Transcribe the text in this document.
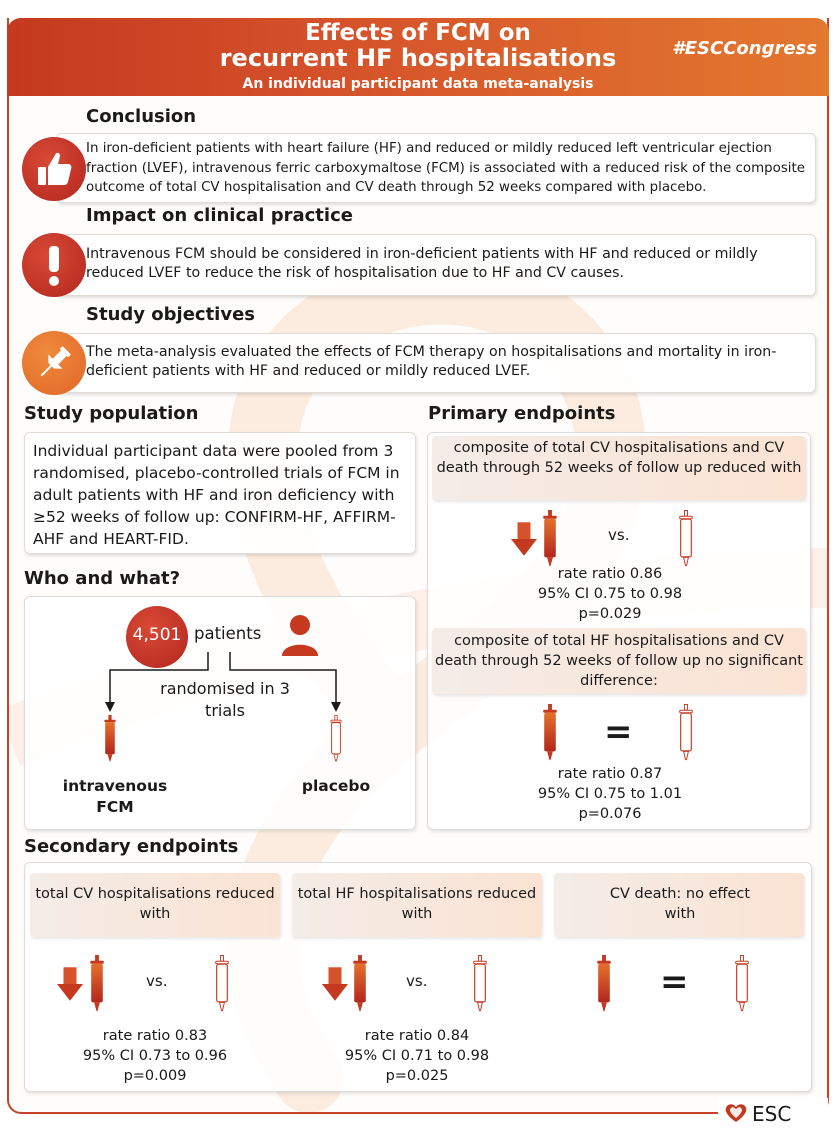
Effects of FCM on
recurrent HF hospitalisations
An individual participant data meta-analysis
#ESCCongress
Conclusion
In iron-deficient patients with heart failure (HF) and reduced or mildly reduced left ventricular ejection fraction (LVEF), intravenous ferric carboxymaltose (FCM) is associated with a reduced risk of the composite outcome of total CV hospitalisation and CV death through 52 weeks compared with placebo.
Impact on clinical practice
Intravenous FCM should be considered in iron-deficient patients with HF and reduced or mildly reduced LVEF to reduce the risk of hospitalisation due to HF and CV causes.
Study objectives
The meta-analysis evaluated the effects of FCM therapy on hospitalisations and mortality in iron-deficient patients with HF and reduced or mildly reduced LVEF.
Study population
Individual participant data were pooled from 3 randomised, placebo-controlled trials of FCM in adult patients with HF and iron deficiency with ≥52 weeks of follow up: CONFIRM-HF, AFFIRM-AHF and HEART-FID.
Who and what?
4,501 patients
randomised in 3 trials
intravenous FCM
placebo
Primary endpoints
composite of total CV hospitalisations and CV death through 52 weeks of follow up reduced with
vs.
rate ratio 0.86
95% CI 0.75 to 0.98
p=0.029
composite of total HF hospitalisations and CV death through 52 weeks of follow up no significant difference:
=
rate ratio 0.87
95% CI 0.75 to 1.01
p=0.076
Secondary endpoints
total CV hospitalisations reduced with
vs.
rate ratio 0.83
95% CI 0.73 to 0.96
p=0.009
total HF hospitalisations reduced with
vs.
rate ratio 0.84
95% CI 0.71 to 0.98
p=0.025
CV death: no effect with
=
ESC
